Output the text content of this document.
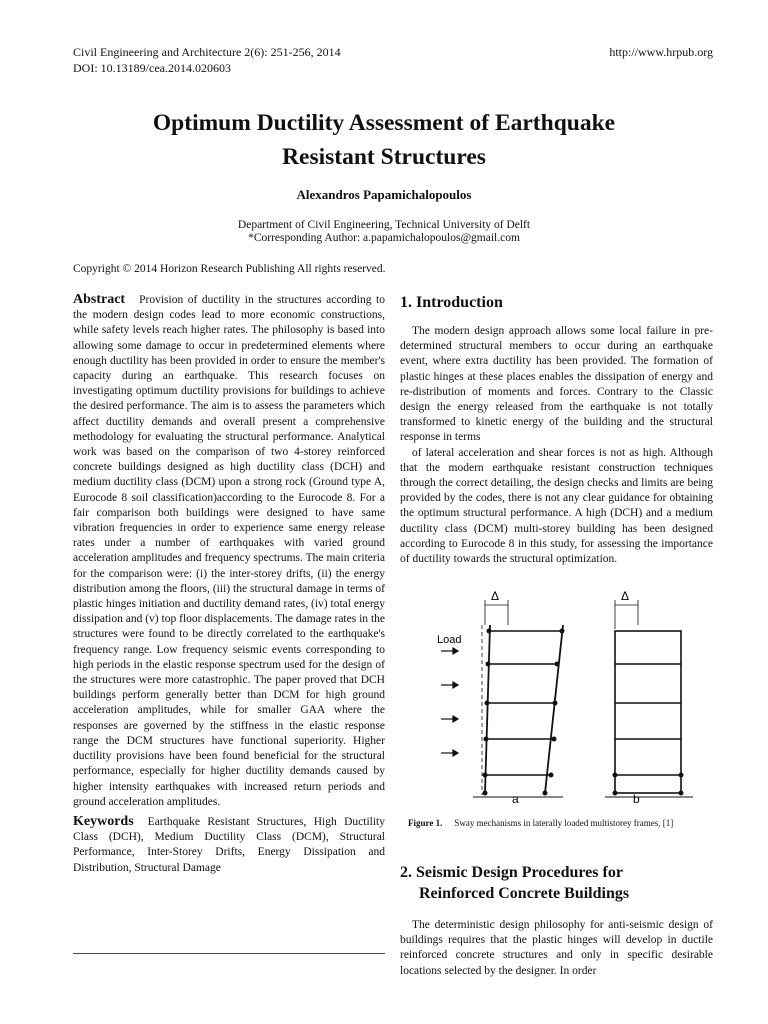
Civil Engineering and Architecture 2(6): 251-256, 2014
DOI: 10.13189/cea.2014.020603
http://www.hrpub.org
Optimum Ductility Assessment of Earthquake
Resistant Structures
Alexandros Papamichalopoulos
Department of Civil Engineering, Technical University of Delft
*Corresponding Author: a.papamichalopoulos@gmail.com
Copyright © 2014 Horizon Research Publishing All rights reserved.
Abstract Provision of ductility in the structures according to the modern design codes lead to more economic constructions, while safety levels reach higher rates. The philosophy is based into allowing some damage to occur in predetermined elements where enough ductility has been provided in order to ensure the member's capacity during an earthquake. This research focuses on investigating optimum ductility provisions for buildings to achieve the desired performance. The aim is to assess the parameters which affect ductility demands and overall present a comprehensive methodology for evaluating the structural performance. Analytical work was based on the comparison of two 4-storey reinforced concrete buildings designed as high ductility class (DCH) and medium ductility class (DCM) upon a strong rock (Ground type A, Eurocode 8 soil classification)according to the Eurocode 8. For a fair comparison both buildings were designed to have same vibration frequencies in order to experience same energy release rates under a number of earthquakes with varied ground acceleration amplitudes and frequency spectrums. The main criteria for the comparison were: (i) the inter-storey drifts, (ii) the energy distribution among the floors, (iii) the structural damage in terms of plastic hinges initiation and ductility demand rates, (iv) total energy dissipation and (v) top floor displacements. The damage rates in the structures were found to be directly correlated to the earthquake's frequency range. Low frequency seismic events corresponding to high periods in the elastic response spectrum used for the design of the structures were more catastrophic. The paper proved that DCH buildings perform generally better than DCM for high ground acceleration amplitudes, while for smaller GAA where the responses are governed by the stiffness in the elastic response range the DCM structures have functional superiority. Higher ductility provisions have been found beneficial for the structural performance, especially for higher ductility demands caused by higher intensity earthquakes with increased return periods and ground acceleration amplitudes.
Keywords Earthquake Resistant Structures, High Ductility Class (DCH), Medium Ductility Class (DCM), Structural Performance, Inter-Storey Drifts, Energy Dissipation and Distribution, Structural Damage
1. Introduction
The modern design approach allows some local failure in pre-determined structural members to occur during an earthquake event, where extra ductility has been provided. The formation of plastic hinges at these places enables the dissipation of energy and re-distribution of moments and forces. Contrary to the Classic design the energy released from the earthquake is not totally transformed to kinetic energy of the building and the structural response in terms
of lateral acceleration and shear forces is not as high. Although that the modern earthquake resistant construction techniques through the correct detailing, the design checks and limits are being provided by the codes, there is not any clear guidance for obtaining the optimum structural performance. A high (DCH) and a medium ductility class (DCM) multi-storey building has been designed according to Eurocode 8 in this study, for assessing the importance of ductility towards the structural optimization.
Load
Δ	Δ
a	b
Figure 1. Sway mechanisms in laterally loaded multistorey frames, [1]
2. Seismic Design Procedures for
Reinforced Concrete Buildings
The deterministic design philosophy for anti-seismic design of buildings requires that the plastic hinges will develop in ductile reinforced concrete structures and only in specific desirable locations selected by the designer. In order
